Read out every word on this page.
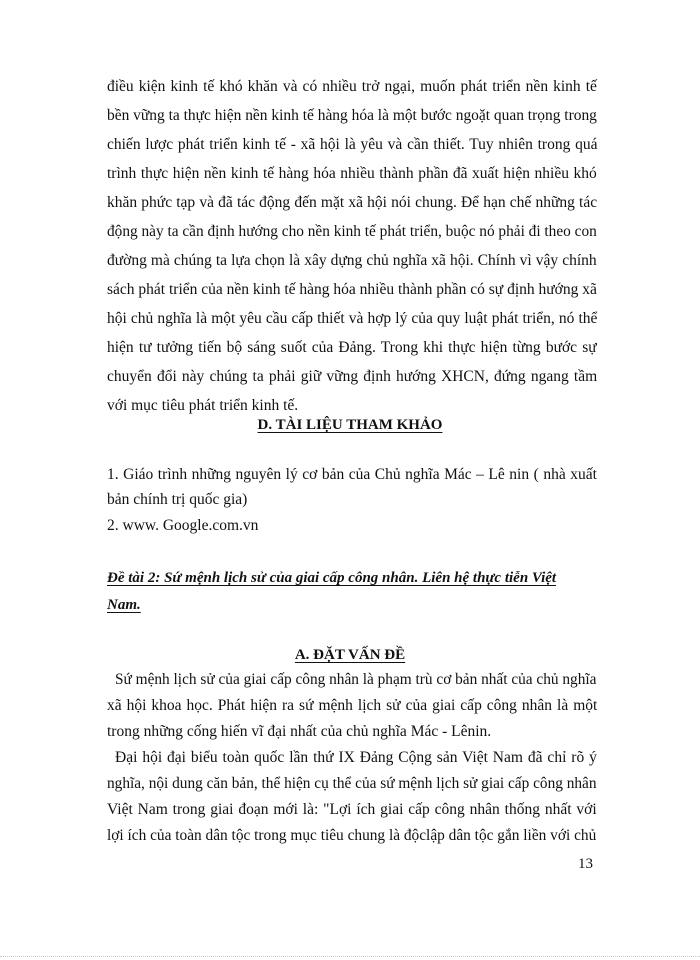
điều kiện kinh tế khó khăn và có nhiều trở ngại, muốn phát triển nền kinh tế
bền vững ta thực hiện nền kinh tế hàng hóa là một bước ngoặt quan trọng trong
chiến lược phát triển kinh tế - xã hội là yêu và cần thiết. Tuy nhiên trong quá
trình thực hiện nền kinh tế hàng hóa nhiều thành phần đã xuất hiện nhiều khó
khăn phức tạp và đã tác động đến mặt xã hội nói chung. Để hạn chế những tác
động này ta cần định hướng cho nền kinh tế phát triển, buộc nó phải đi theo con
đường mà chúng ta lựa chọn là xây dựng chủ nghĩa xã hội. Chính vì vậy chính
sách phát triển của nền kinh tế hàng hóa nhiều thành phần có sự định hướng xã
hội chủ nghĩa là một yêu cầu cấp thiết và hợp lý của quy luật phát triển, nó thể
hiện tư tưởng tiến bộ sáng suốt của Đảng. Trong khi thực hiện từng bước sự
chuyển đổi này chúng ta phải giữ vững định hướng XHCN, đứng ngang tầm
với mục tiêu phát triển kinh tế.
D. TÀI LIỆU THAM KHẢO
1. Giáo trình những nguyên lý cơ bản của Chủ nghĩa Mác – Lê nin ( nhà xuất
bản chính trị quốc gia)
2. www. Google.com.vn
Đề tài 2: Sứ mệnh lịch sử của giai cấp công nhân. Liên hệ thực tiễn Việt
Nam.
A. ĐẶT VẤN ĐỀ
Sứ mệnh lịch sử của giai cấp công nhân là phạm trù cơ bản nhất của chủ nghĩa
xã hội khoa học. Phát hiện ra sứ mệnh lịch sử của giai cấp công nhân là một
trong những cống hiến vĩ đại nhất của chủ nghĩa Mác - Lênin.
Đại hội đại biểu toàn quốc lần thứ IX Đảng Cộng sản Việt Nam đã chỉ rõ ý
nghĩa, nội dung căn bản, thể hiện cụ thể của sứ mệnh lịch sử giai cấp công nhân
Việt Nam trong giai đoạn mới là: "Lợi ích giai cấp công nhân thống nhất với
lợi ích của toàn dân tộc trong mục tiêu chung là độclập dân tộc gắn liền với chủ
13
